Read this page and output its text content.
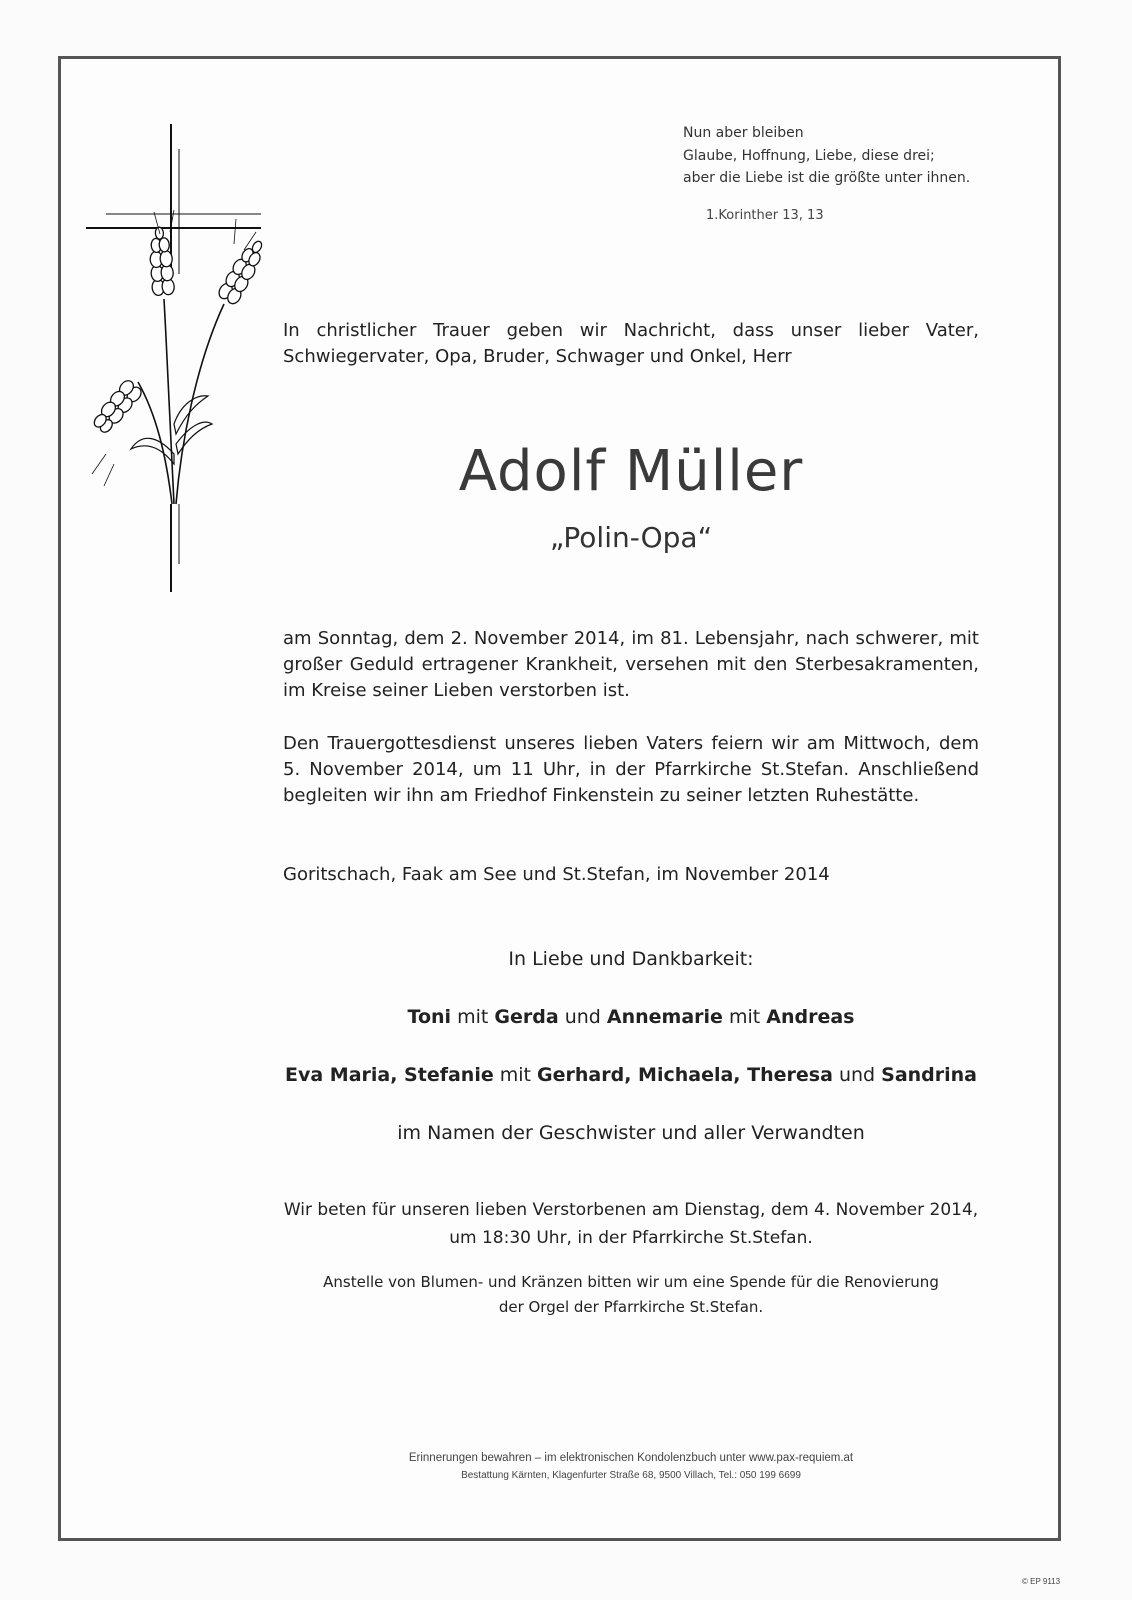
Nun aber bleiben
Glaube, Hoffnung, Liebe, diese drei;
aber die Liebe ist die größte unter ihnen.
1.Korinther 13, 13
In christlicher Trauer geben wir Nachricht, dass unser lieber Vater, Schwiegervater, Opa, Bruder, Schwager und Onkel, Herr
Adolf Müller
„Polin-Opa“
am Sonntag, dem 2. November 2014, im 81. Lebensjahr, nach schwerer, mit großer Geduld ertragener Krankheit, versehen mit den Sterbesakramenten, im Kreise seiner Lieben verstorben ist.
Den Trauergottesdienst unseres lieben Vaters feiern wir am Mittwoch, dem 5. November 2014, um 11 Uhr, in der Pfarrkirche St.Stefan. Anschließend begleiten wir ihn am Friedhof Finkenstein zu seiner letzten Ruhestätte.
Goritschach, Faak am See und St.Stefan, im November 2014
In Liebe und Dankbarkeit:
Toni mit Gerda und Annemarie mit Andreas
Eva Maria, Stefanie mit Gerhard, Michaela, Theresa und Sandrina
im Namen der Geschwister und aller Verwandten
Wir beten für unseren lieben Verstorbenen am Dienstag, dem 4. November 2014,
um 18:30 Uhr, in der Pfarrkirche St.Stefan.
Anstelle von Blumen- und Kränzen bitten wir um eine Spende für die Renovierung
der Orgel der Pfarrkirche St.Stefan.
Erinnerungen bewahren – im elektronischen Kondolenzbuch unter www.pax-requiem.at
Bestattung Kärnten, Klagenfurter Straße 68, 9500 Villach, Tel.: 050 199 6699
© EP 9113
